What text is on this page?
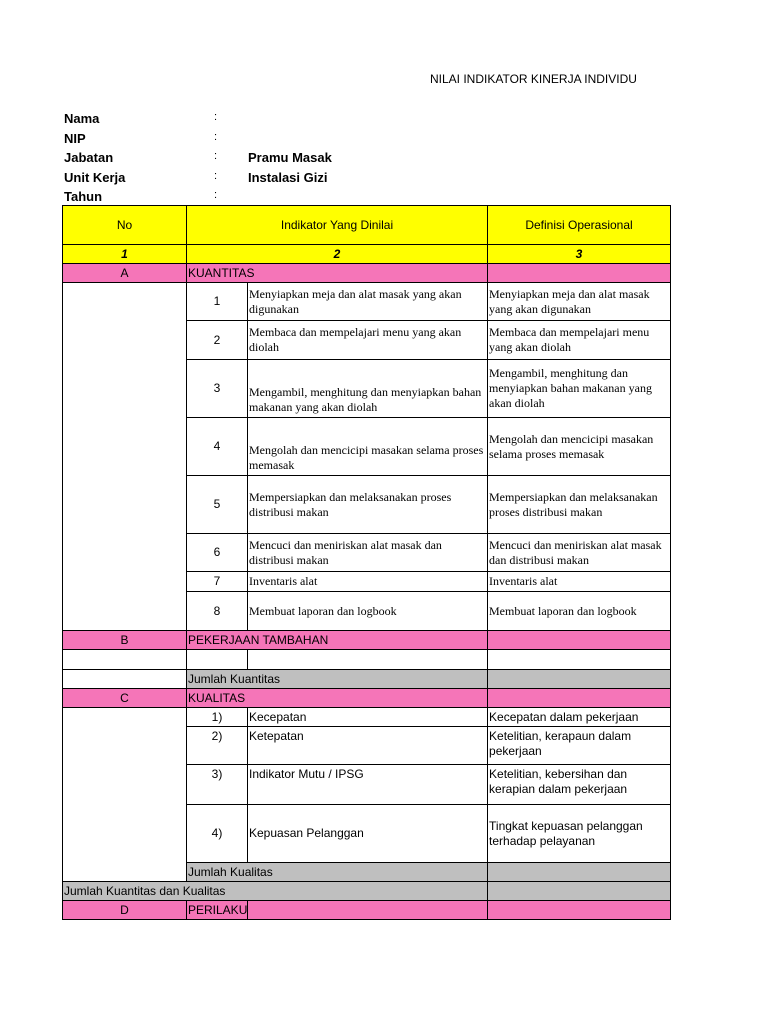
NILAI INDIKATOR KINERJA INDIVIDU
Nama	:
NIP	:
Jabatan	: Pramu Masak
Unit Kerja	: Instalasi Gizi
Tahun	:
No	Indikator Yang Dinilai		Definisi Operasional
1	2		3
A	KUANTITAS		
	1	Menyiapkan meja dan alat masak yang akan digunakan	Menyiapkan meja dan alat masak yang akan digunakan
	2	Membaca dan mempelajari menu yang akan diolah	Membaca dan mempelajari menu yang akan diolah
	3	Mengambil, menghitung dan menyiapkan bahan makanan yang akan diolah	Mengambil, menghitung dan menyiapkan bahan makanan yang akan diolah
	4	Mengolah dan mencicipi masakan selama proses memasak	Mengolah dan mencicipi masakan selama proses memasak
	5	Mempersiapkan dan melaksanakan proses distribusi makan	Mempersiapkan dan melaksanakan proses distribusi makan
	6	Mencuci dan meniriskan alat masak dan distribusi makan	Mencuci dan meniriskan alat masak dan distribusi makan
	7	Inventaris alat	Inventaris alat
	8	Membuat laporan dan logbook	Membuat laporan dan logbook
B	PEKERJAAN TAMBAHAN		

	Jumlah Kuantitas		
C	KUALITAS		
	1)	Kecepatan	Kecepatan dalam pekerjaan
	2)	Ketepatan	Ketelitian, kerapaun dalam pekerjaan
	3)	Indikator Mutu / IPSG	Ketelitian, kebersihan dan kerapian dalam pekerjaan
	4)	Kepuasan Pelanggan	Tingkat kepuasan pelanggan terhadap pelayanan
	Jumlah Kualitas		
Jumlah Kuantitas dan Kualitas			
D	PERILAKU		
